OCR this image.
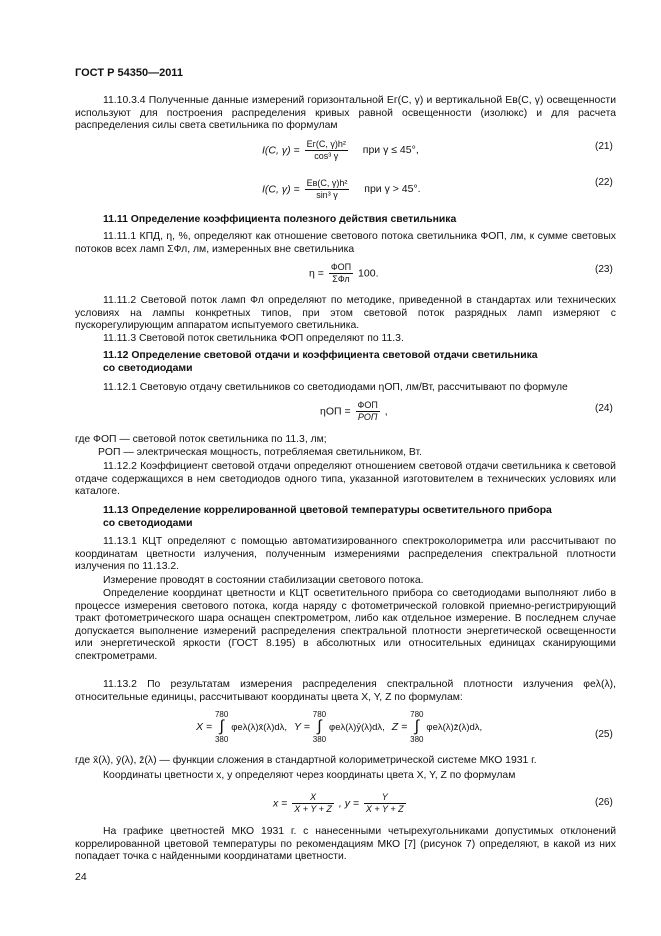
ГОСТ Р 54350—2011
11.10.3.4 Полученные данные измерений горизонтальной Eг(C, γ) и вертикальной Eв(C, γ) освещенности используют для построения распределения кривых равной освещенности (изолюкс) и для расчета распределения силы света светильника по формулам
I(C, $\gamma) = \frac{\text{Eг(C, γ)h²}}{\text{cos³ γ}}$ при γ ≤ 45°,	(21)
I(C, $\gamma) = \frac{\text{Eв(C, γ)h²}}{\text{sin³ γ}}$ при γ > 45°.
(22)
11.11 Определение коэффициента полезного действия светильника
11.11.1 КПД, η, %, определяют как отношение светового потока светильника ФОП, лм, к сумме световых потоков всех ламп ΣФл, лм, измеренных вне светильника
$\eta = \frac{\text{ФОП}}{\text{ΣФл}} 100$.	(23)
11.11.2 Световой поток ламп Фл определяют по методике, приведенной в стандартах или технических условиях на лампы конкретных типов, при этом световой поток разрядных ламп измеряют с пускорегулирующим аппаратом испытуемого светильника.
11.11.3 Световой поток светильника ФОП определяют по 11.3.
11.12 Определение световой отдачи и коэффициента световой отдачи светильника
со светодиодами
11.12.1 Световую отдачу светильников со светодиодами ηОП, лм/Вт, рассчитывают по формуле
$\eta ОП = \frac{\text{ФОП}}{\text{PОП}}$ ,	(24)
где ФОП — световой поток светильника по 11.3, лм;
PОП — электрическая мощность, потребляемая светильником, Вт.
11.12.2 Коэффициент световой отдачи определяют отношением световой отдачи светильника к световой отдаче содержащихся в нем светодиодов одного типа, указанной изготовителем в технических условиях или каталоге.
11.13 Определение коррелированной цветовой температуры осветительного прибора
со светодиодами
11.13.1 КЦТ определяют с помощью автоматизированного спектроколориметра или рассчитывают по координатам цветности излучения, полученным измерениями распределения спектральной плотности излучения по 11.13.2.
Измерение проводят в состоянии стабилизации светового потока.
Определение координат цветности и КЦТ осветительного прибора со светодиодами выполняют либо в процессе измерения светового потока, когда наряду с фотометрической головкой приемно-регистрирующий тракт фотометрического шара оснащен спектрометром, либо как отдельное измерение. В последнем случае допускается выполнение измерений распределения спектральной плотности энергетической освещенности или энергетической яркости (ГОСТ 8.195) в абсолютных или относительных единицах сканирующими спектрометрами.
11.13.2 По результатам измерения распределения спектральной плотности излучения φeλ(λ), относительные единицы, рассчитывают координаты цвета X, Y, Z по формулам:
X = 780
∫
380 φeλ(λ)x̄(λ)dλ, Y = 780
∫
380 φeλ(λ)ȳ(λ)dλ, Z = 780
∫
380 φeλ(λ)z̄(λ)dλ,
(25)
где x̄(λ), ȳ(λ), z̄(λ) — функции сложения в стандартной колориметрической системе МКО 1931 г.
Координаты цветности x, y определяют через координаты цвета X, Y, Z по формулам
$x = \frac{X}{X + Y + Z}$ , $y = \frac{Y}{X + Y + Z}$	(26)
На графике цветностей МКО 1931 г. с нанесенными четырехугольниками допустимых отклонений коррелированной цветовой температуры по рекомендациям МКО [7] (рисунок 7) определяют, в какой из них попадает точка с найденными координатами цветности.
24
